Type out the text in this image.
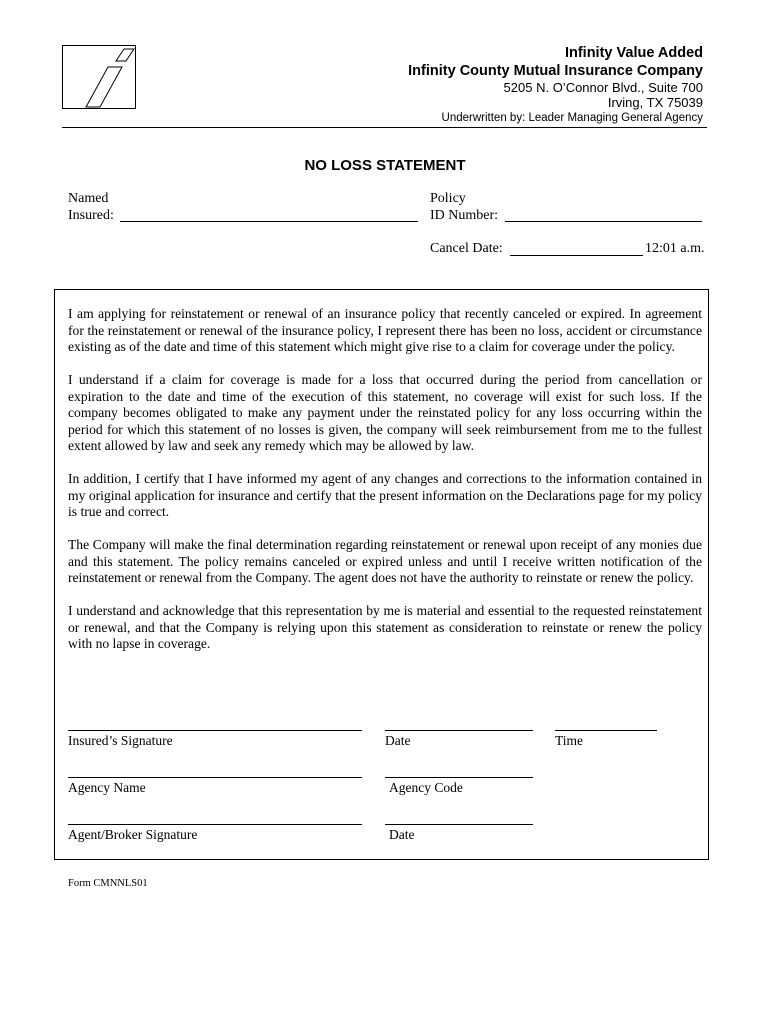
Infinity Value Added
Infinity County Mutual Insurance Company
5205 N. O’Connor Blvd., Suite 700
Irving, TX 75039
Underwritten by: Leader Managing General Agency
NO LOSS STATEMENT
Named
Insured:
Policy
ID Number:
Cancel Date:	12:01 a.m.

I am applying for reinstatement or renewal of an insurance policy that recently canceled or expired. In agreement for the reinstatement or renewal of the insurance policy, I represent there has been no loss, accident or circumstance existing as of the date and time of this statement which might give rise to a claim for coverage under the policy.

I understand if a claim for coverage is made for a loss that occurred during the period from cancellation or expiration to the date and time of the execution of this statement, no coverage will exist for such loss. If the company becomes obligated to make any payment under the reinstated policy for any loss occurring within the period for which this statement of no losses is given, the company will seek reimbursement from me to the fullest extent allowed by law and seek any remedy which may be allowed by law.

In addition, I certify that I have informed my agent of any changes and corrections to the information contained in my original application for insurance and certify that the present information on the Declarations page for my policy is true and correct.

The Company will make the final determination regarding reinstatement or renewal upon receipt of any monies due and this statement. The policy remains canceled or expired unless and until I receive written notification of the reinstatement or renewal from the Company. The agent does not have the authority to reinstate or renew the policy.

I understand and acknowledge that this representation by me is material and essential to the requested reinstatement or renewal, and that the Company is relying upon this statement as consideration to reinstate or renew the policy with no lapse in coverage.

Insured’s Signature	Date	Time
Agency Name	Agency Code
Agent/Broker Signature	Date
Form CMNNLS01
